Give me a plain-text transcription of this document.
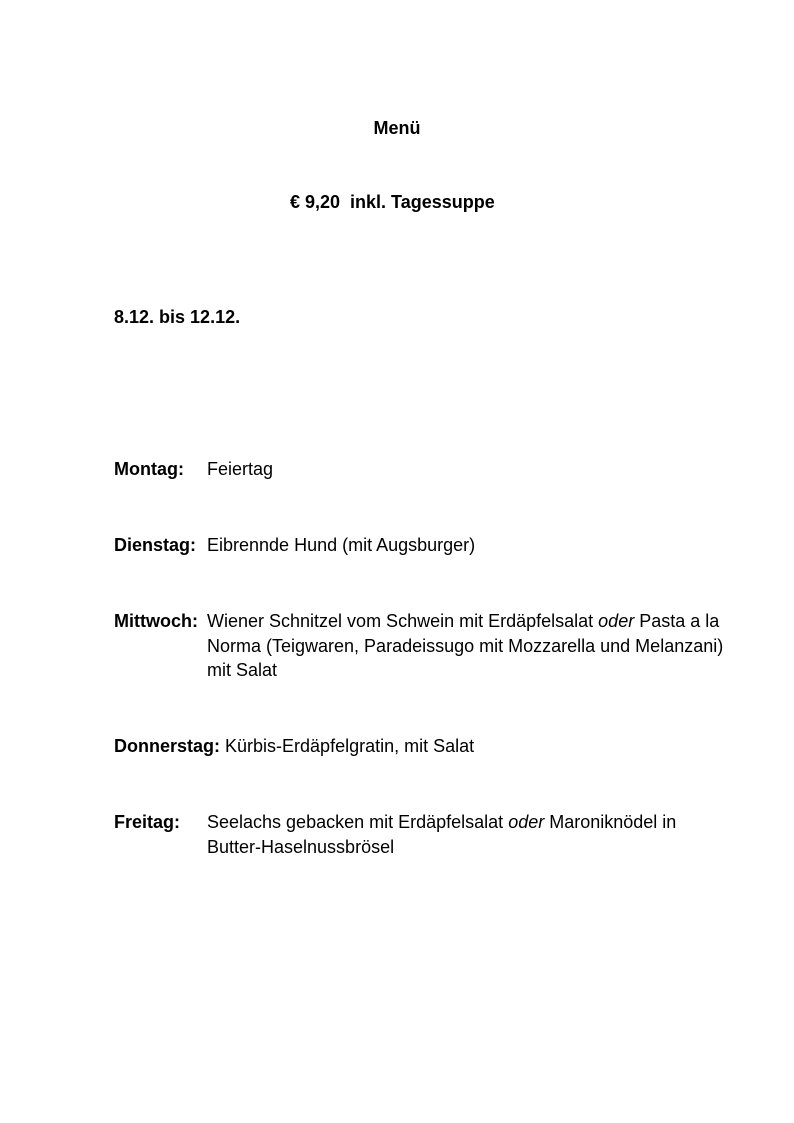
Menü
€ 9,20  inkl. Tagessuppe
8.12. bis 12.12.
Montag: Feiertag
Dienstag: Eibrennde Hund (mit Augsburger)
Mittwoch: Wiener Schnitzel vom Schwein mit Erdäpfelsalat oder Pasta a la Norma (Teigwaren, Paradeissugo mit Mozzarella und Melanzani) mit Salat
Donnerstag: Kürbis-Erdäpfelgratin, mit Salat
Freitag: Seelachs gebacken mit Erdäpfelsalat oder Maroniknödel in Butter-Haselnussbrösel
